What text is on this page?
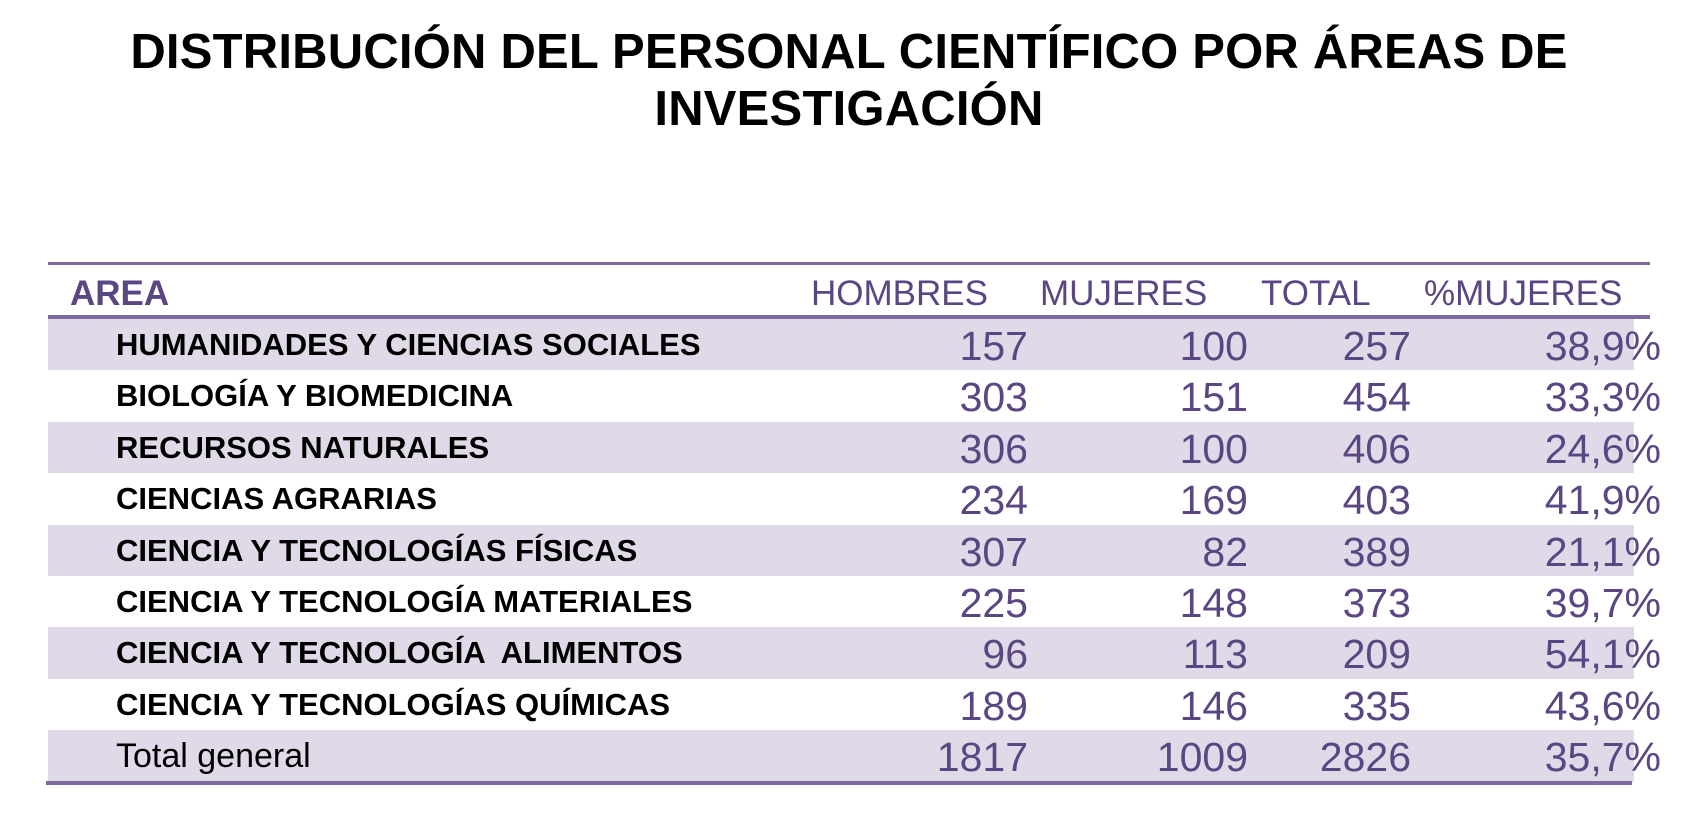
DISTRIBUCIÓN DEL PERSONAL CIENTÍFICO POR ÁREAS DE
INVESTIGACIÓN
AREA	HOMBRES MUJERES TOTAL %MUJERES
HUMANIDADES Y CIENCIAS SOCIALES	157	100	257	38,9%
BIOLOGÍA Y BIOMEDICINA	303	151	454	33,3%
RECURSOS NATURALES	306	100	406	24,6%
CIENCIAS AGRARIAS	234	169	403	41,9%
CIENCIA Y TECNOLOGÍAS FÍSICAS	307	82	389	21,1%
CIENCIA Y TECNOLOGÍA MATERIALES	225	148	373	39,7%
CIENCIA Y TECNOLOGÍA  ALIMENTOS	96	113	209	54,1%
CIENCIA Y TECNOLOGÍAS QUÍMICAS	189	146	335	43,6%
Total general	1817	1009	2826	35,7%
